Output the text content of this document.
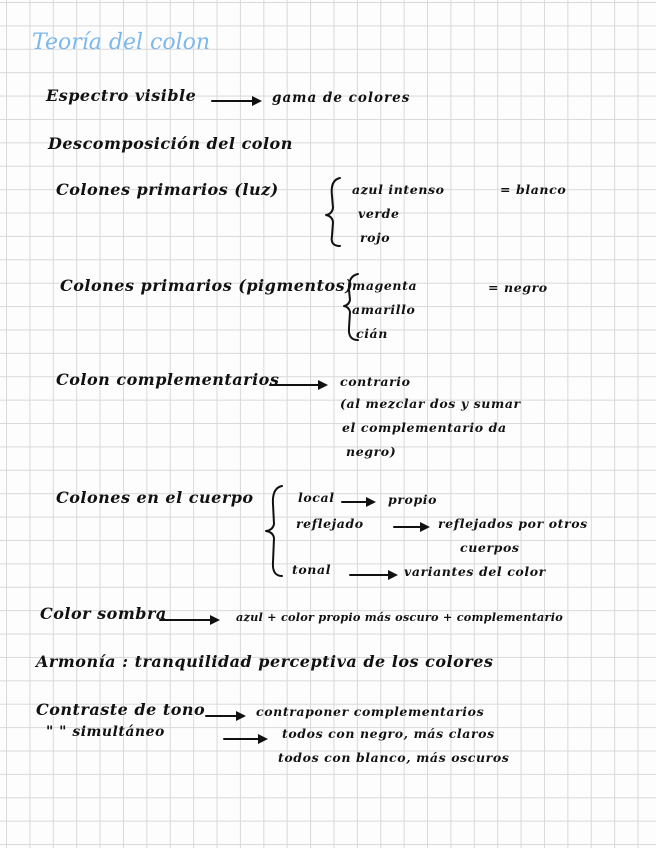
Teoría del colon
Espectro visible	gama de colores
Descomposición del colon
Colones primarios (luz)	azul intenso
verde
rojo
= blanco
Colones primarios (pigmentos)
magenta
amarillo
cián
= negro
Colon complementarios	contrario
(al mezclar dos y sumar
el complementario da
negro)
Colones en el cuerpo	local	propio
reflejado	reflejados por otros
cuerpos
tonal	variantes del color
Color sombra	azul + color propio más oscuro + complementario
Armonía : tranquilidad perceptiva de los colores
Contraste de tono	contraponer complementarios
" " simultáneo	todos con negro, más claros
todos con blanco, más oscuros
